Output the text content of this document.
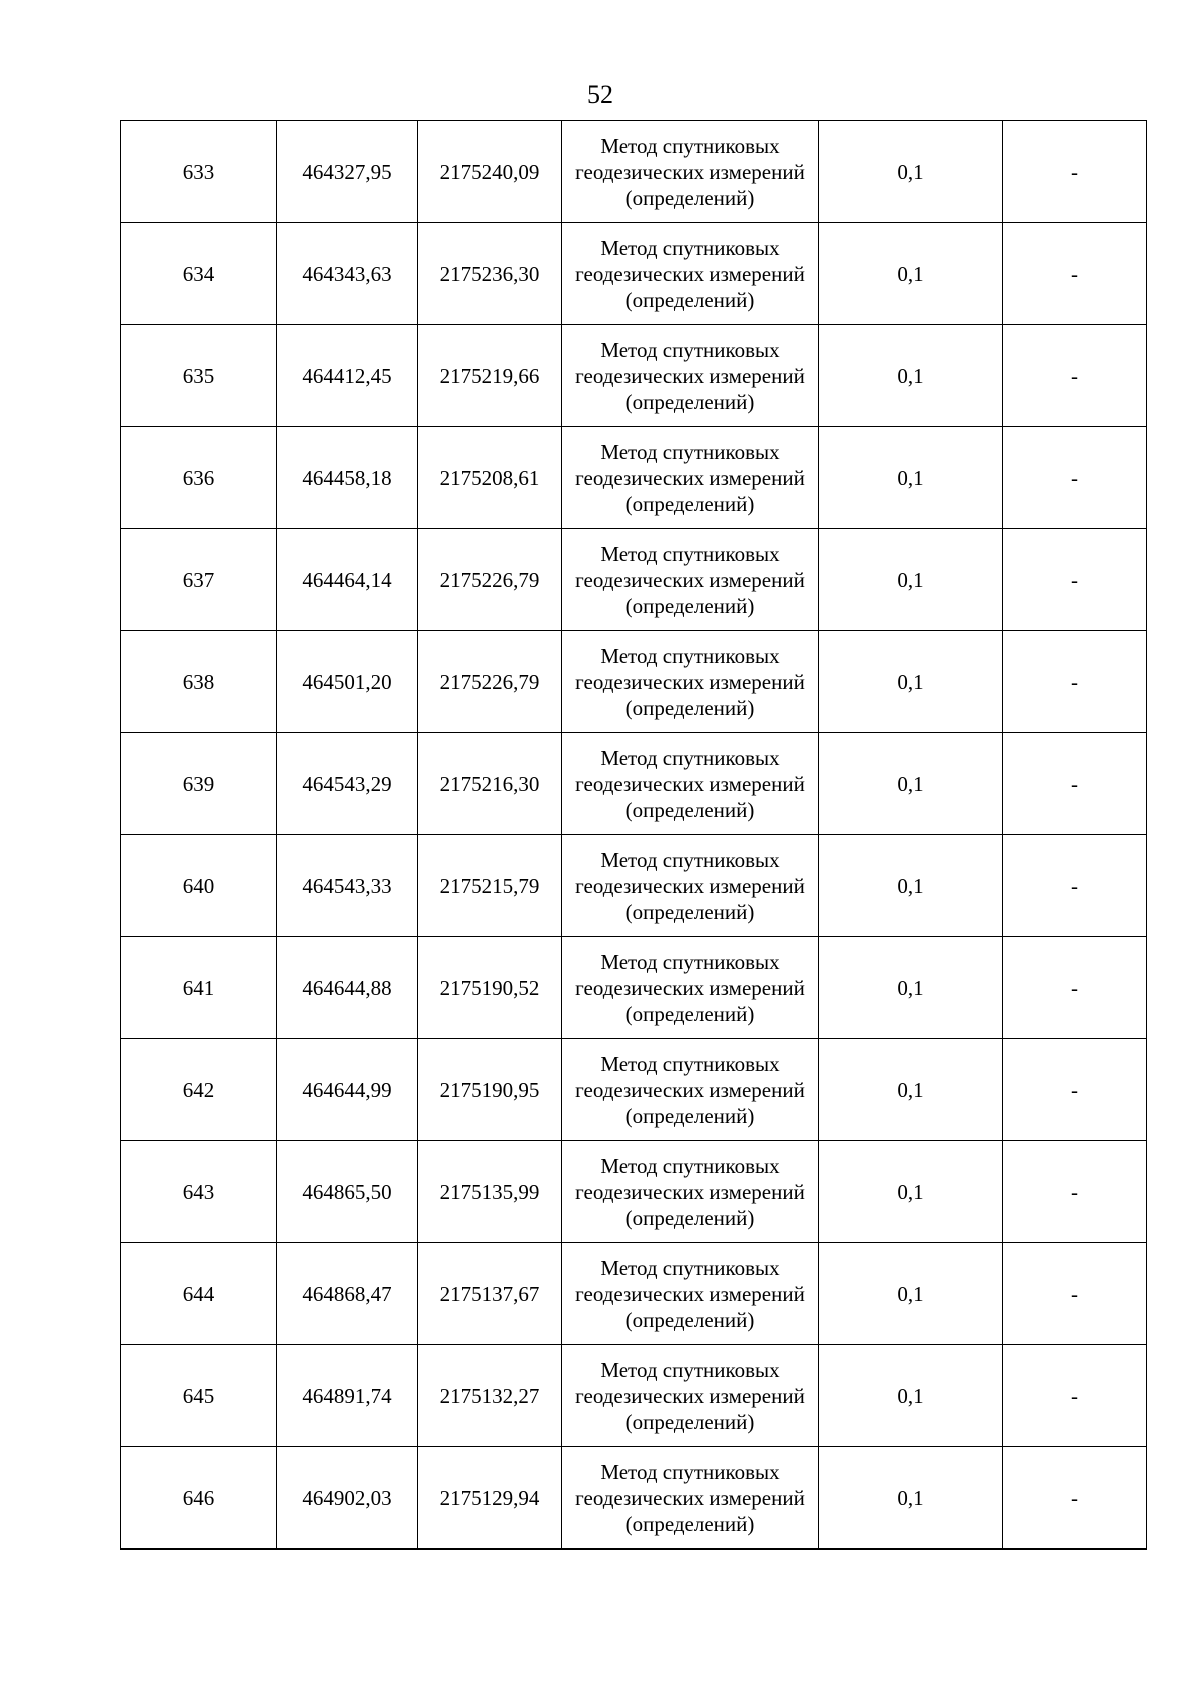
52
633	464327,95	2175240,09	Метод спутниковых
геодезических измерений
(определений)	0,1	-
634	464343,63	2175236,30	Метод спутниковых
геодезических измерений
(определений)	0,1	-
635	464412,45	2175219,66	Метод спутниковых
геодезических измерений
(определений)	0,1	-
636	464458,18	2175208,61	Метод спутниковых
геодезических измерений
(определений)	0,1	-
637	464464,14	2175226,79	Метод спутниковых
геодезических измерений
(определений)	0,1	-
638	464501,20	2175226,79	Метод спутниковых
геодезических измерений
(определений)	0,1	-
639	464543,29	2175216,30	Метод спутниковых
геодезических измерений
(определений)	0,1	-
640	464543,33	2175215,79	Метод спутниковых
геодезических измерений
(определений)	0,1	-
641	464644,88	2175190,52	Метод спутниковых
геодезических измерений
(определений)	0,1	-
642	464644,99	2175190,95	Метод спутниковых
геодезических измерений
(определений)	0,1	-
643	464865,50	2175135,99	Метод спутниковых
геодезических измерений
(определений)	0,1	-
644	464868,47	2175137,67	Метод спутниковых
геодезических измерений
(определений)	0,1	-
645	464891,74	2175132,27	Метод спутниковых
геодезических измерений
(определений)	0,1	-
646	464902,03	2175129,94	Метод спутниковых
геодезических измерений
(определений)	0,1	-
